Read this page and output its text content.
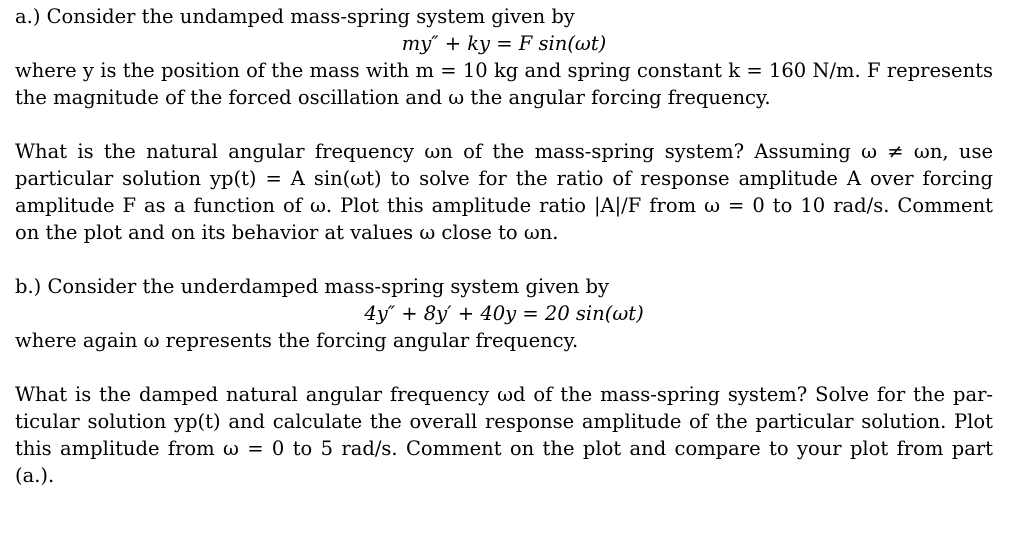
a.) Consider the undamped mass-spring system given by
my″ + ky = F sin(ωt)
where y is the position of the mass with m = 10 kg and spring constant k = 160 N/m. F represents
the magnitude of the forced oscillation and ω the angular forcing frequency.
What is the natural angular frequency ωn of the mass-spring system? Assuming ω ≠ ωn, use
particular solution yp(t) = A sin(ωt) to solve for the ratio of response amplitude A over forcing
amplitude F as a function of ω. Plot this amplitude ratio |A|/F from ω = 0 to 10 rad/s. Comment
on the plot and on its behavior at values ω close to ωn.
b.) Consider the underdamped mass-spring system given by
4y″ + 8y′ + 40y = 20 sin(ωt)
where again ω represents the forcing angular frequency.
What is the damped natural angular frequency ωd of the mass-spring system? Solve for the par-
ticular solution yp(t) and calculate the overall response amplitude of the particular solution. Plot
this amplitude from ω = 0 to 5 rad/s. Comment on the plot and compare to your plot from part
(a.).
